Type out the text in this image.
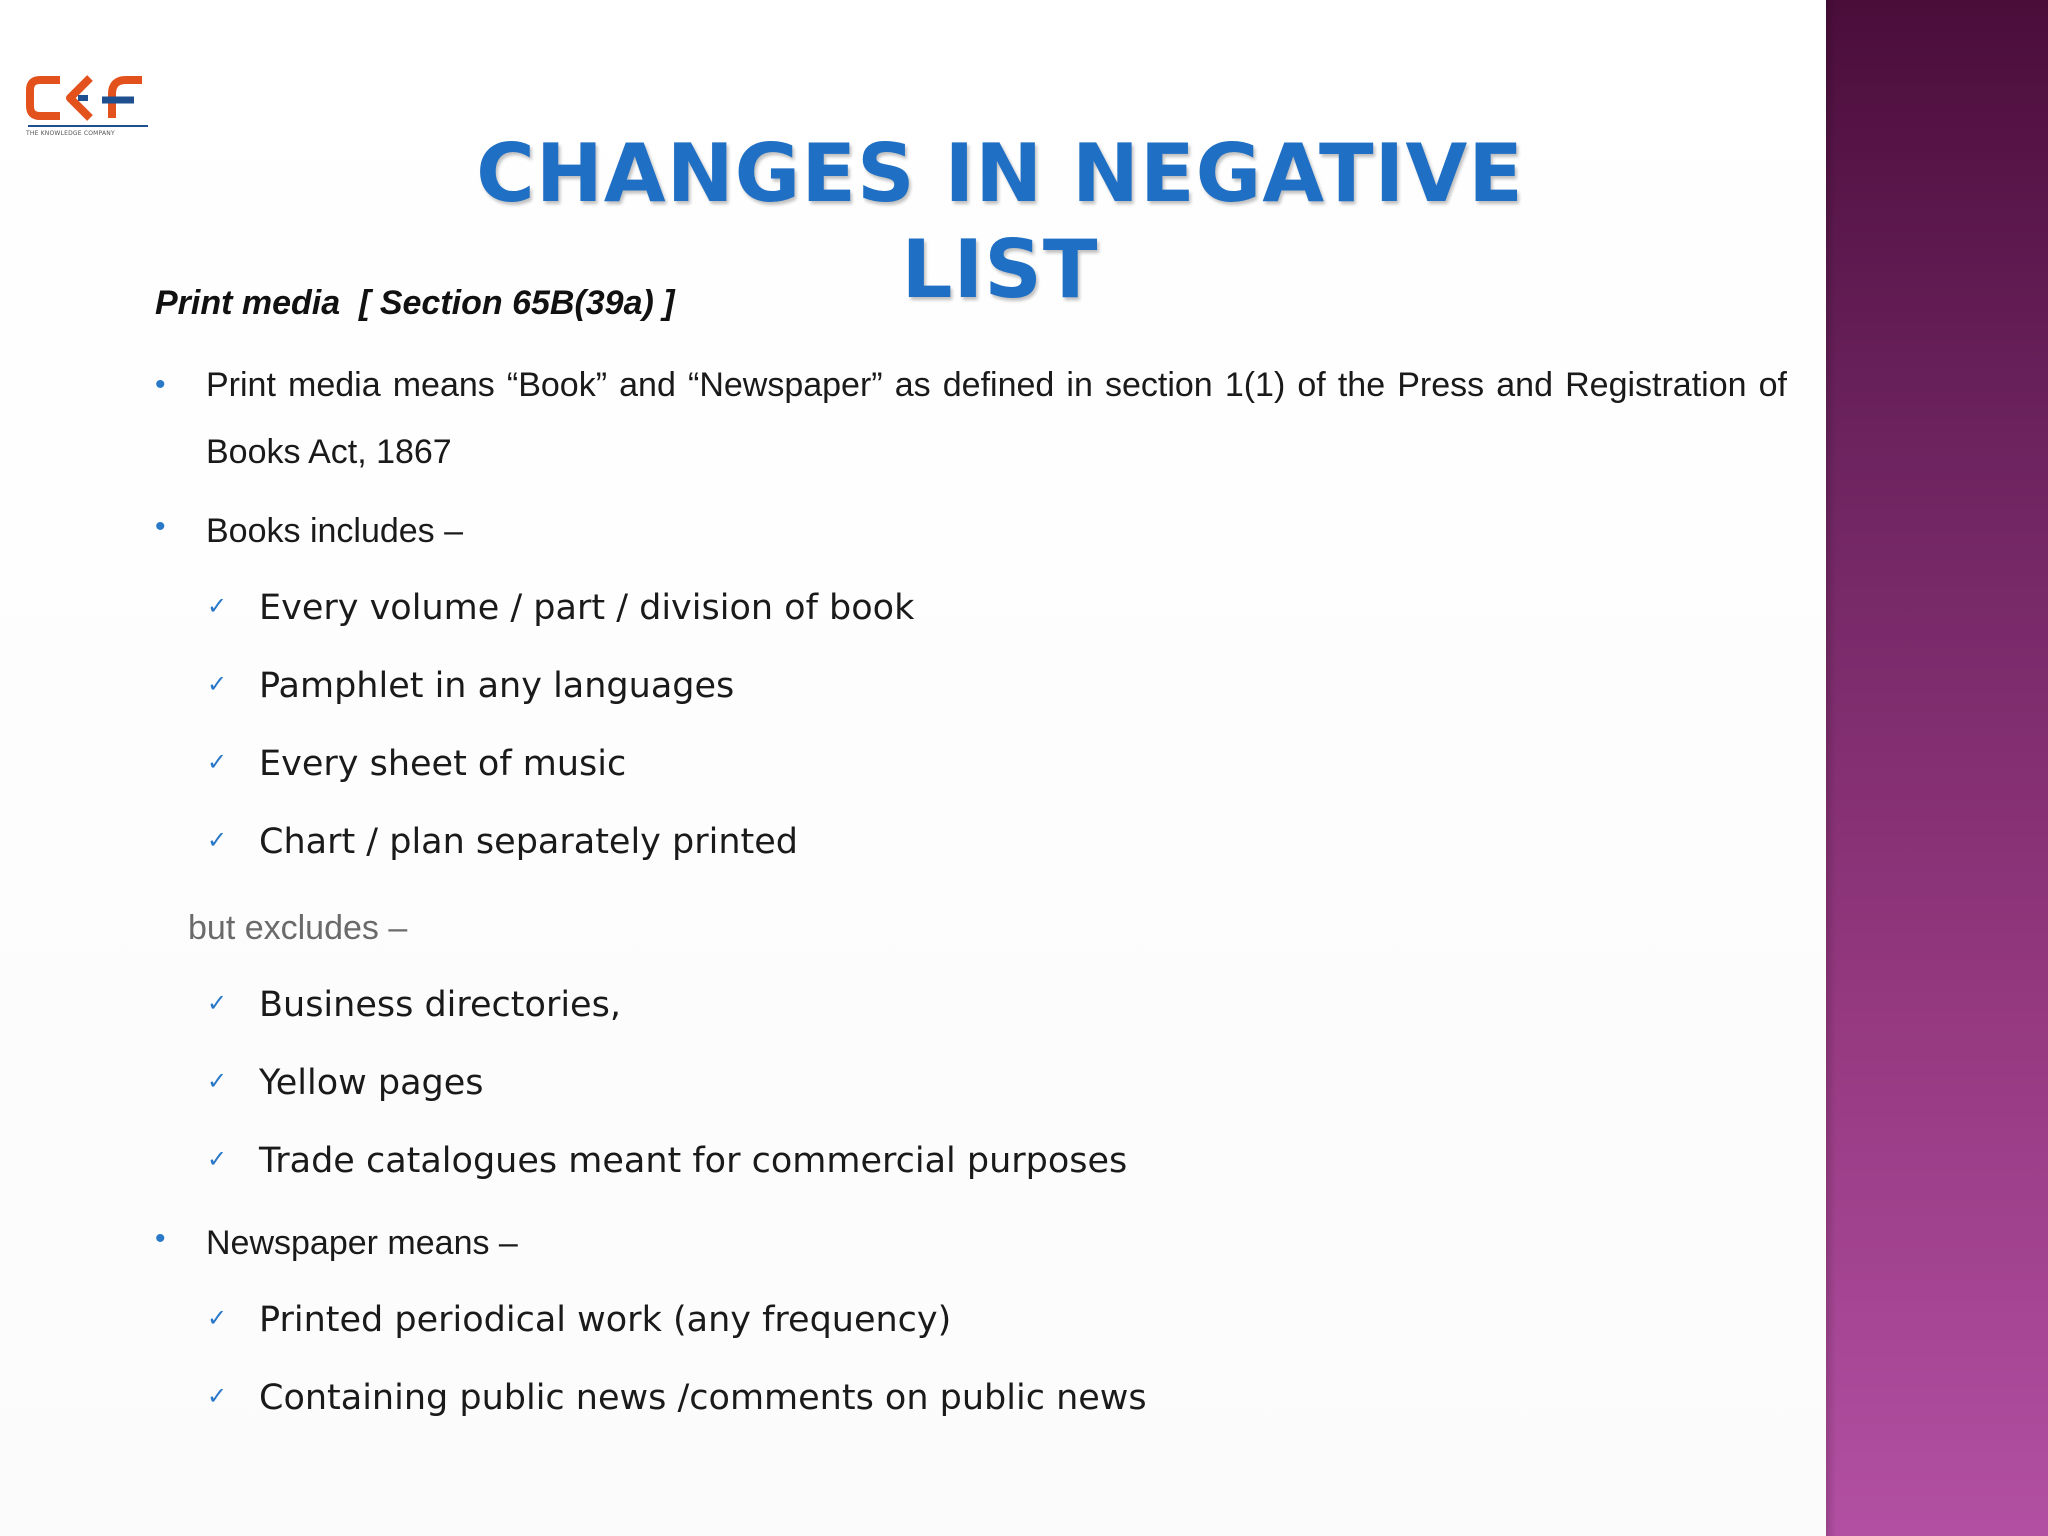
THE KNOWLEDGE COMPANY	CHANGES IN NEGATIVE LIST
Print media  [ Section 65B(39a) ]
• Print media means “Book” and “Newspaper” as defined in section 1(1) of the Press and Registration of Books Act, 1867
• Books includes –
✓ Every volume / part / division of book
✓ Pamphlet in any languages
✓ Every sheet of music
✓ Chart / plan separately printed
but excludes –
✓ Business directories,
✓ Yellow pages
✓ Trade catalogues meant for commercial purposes
• Newspaper means –
✓ Printed periodical work (any frequency)
✓ Containing public news /comments on public news
